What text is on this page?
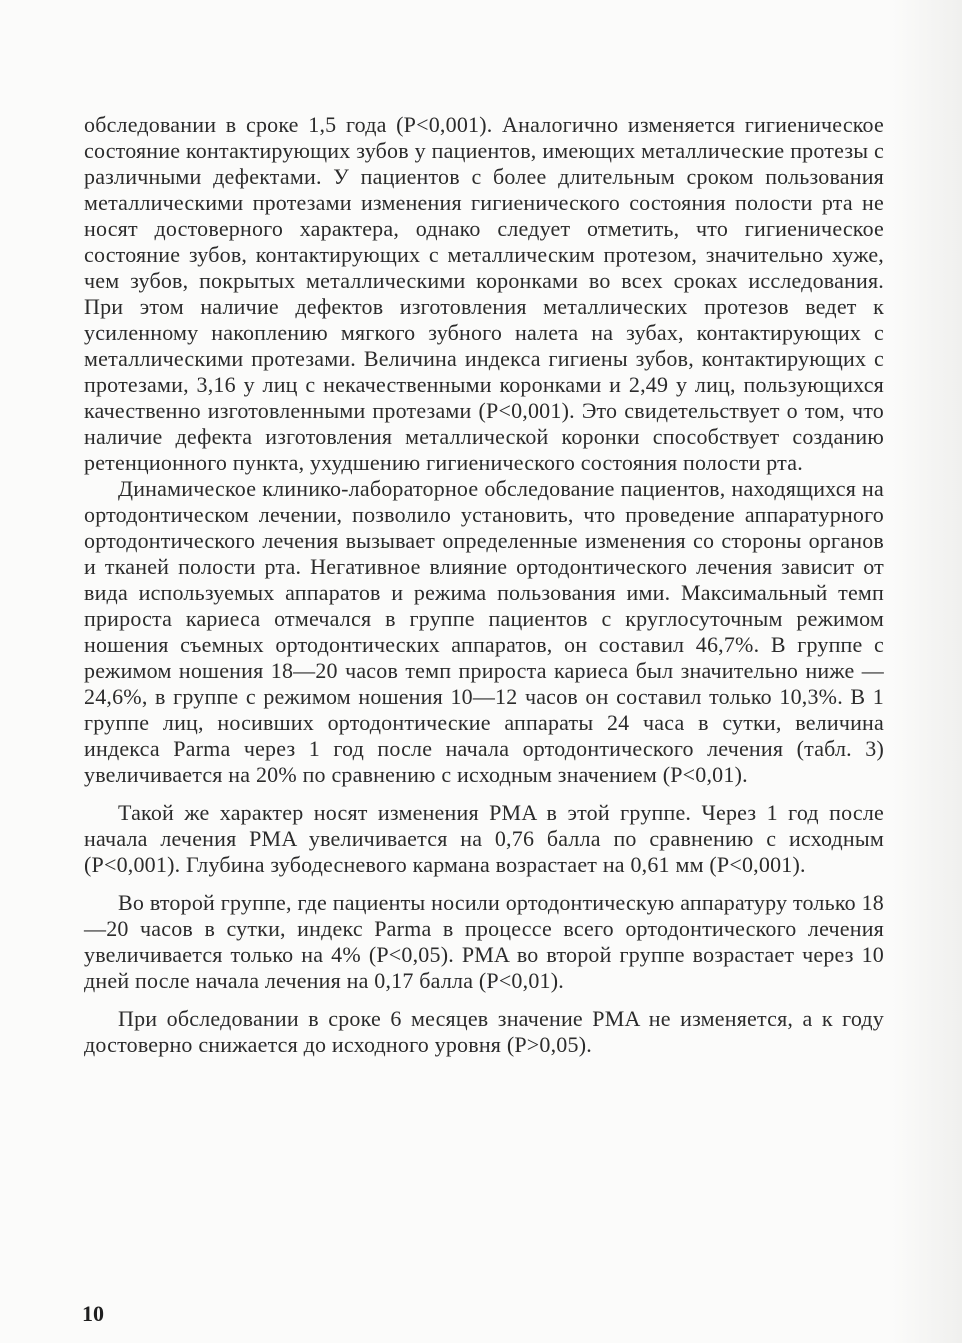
обследовании в сроке 1,5 года (P<0,001). Аналогично изменяется гигиеническое состояние контактирующих зубов у пациентов, имеющих металлические протезы с различными дефектами. У пациентов с более длительным сроком пользования металлическими протезами изменения гигиенического состояния полости рта не носят достоверного характера, однако следует отметить, что гигиеническое состояние зубов, контактирующих с металлическим протезом, значительно хуже, чем зубов, покрытых металлическими коронками во всех сроках исследования. При этом наличие дефектов изготовления металлических протезов ведет к усиленному накоплению мягкого зубного налета на зубах, контактирующих с металлическими протезами. Величина индекса гигиены зубов, контактирующих с протезами, 3,16 у лиц с некачественными коронками и 2,49 у лиц, пользующихся качественно изготовленными протезами (P<0,001). Это свидетельствует о том, что наличие дефекта изготовления металлической коронки способствует созданию ретенционного пункта, ухудшению гигиенического состояния полости рта.

Динамическое клинико-лабораторное обследование пациентов, находящихся на ортодонтическом лечении, позволило установить, что проведение аппаратурного ортодонтического лечения вызывает определенные изменения со стороны органов и тканей полости рта. Негативное влияние ортодонтического лечения зависит от вида используемых аппаратов и режима пользования ими. Максимальный темп прироста кариеса отмечался в группе пациентов с круглосуточным режимом ношения съемных ортодонтических аппаратов, он составил 46,7%. В группе с режимом ношения 18—20 часов темп прироста кариеса был значительно ниже — 24,6%, в группе с режимом ношения 10—12 часов он составил только 10,3%. В 1 группе лиц, носивших ортодонтические аппараты 24 часа в сутки, величина индекса Parma через 1 год после начала ортодонтического лечения (табл. 3) увеличивается на 20% по сравнению с исходным значением (P<0,01).

Такой же характер носят изменения PMA в этой группе. Через 1 год после начала лечения PMA увеличивается на 0,76 балла по сравнению с исходным (P<0,001). Глубина зубодесневого кармана возрастает на 0,61 мм (P<0,001).

Во второй группе, где пациенты носили ортодонтическую аппаратуру только 18—20 часов в сутки, индекс Parma в процессе всего ортодонтического лечения увеличивается только на 4% (P<0,05). PMA во второй группе возрастает через 10 дней после начала лечения на 0,17 балла (P<0,01).

При обследовании в сроке 6 месяцев значение PMA не изменяется, а к году достоверно снижается до исходного уровня (P>0,05).

10
